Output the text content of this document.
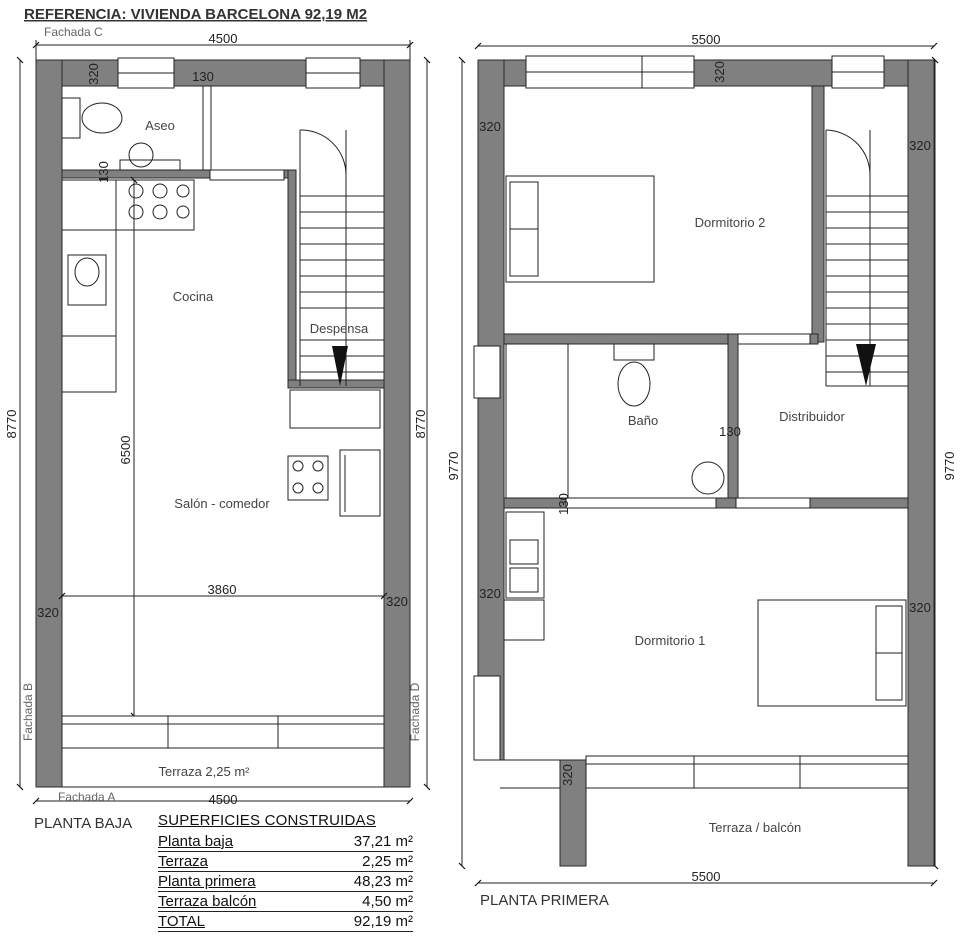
REFERENCIA: VIVIENDA BARCELONA 92,19 M2
4500
4500
8770	8770
6500
3860
320
320
320
130
130
Fachada C
Fachada A
Fachada B	Fachada D
Aseo
Cocina
Despensa
Salón - comedor
Terraza 2,25 m²
PLANTA BAJA
5500
5500
9770	9770
320
320
320
320
320
320
130
130
Dormitorio 2
Baño	Distribuidor
Dormitorio 1
Terraza / balcón
PLANTA PRIMERA
SUPERFICIES CONSTRUIDAS
Planta baja	37,21 m²
Terraza	2,25 m²
Planta primera	48,23 m²
Terraza balcón	4,50 m²
TOTAL	92,19 m²
